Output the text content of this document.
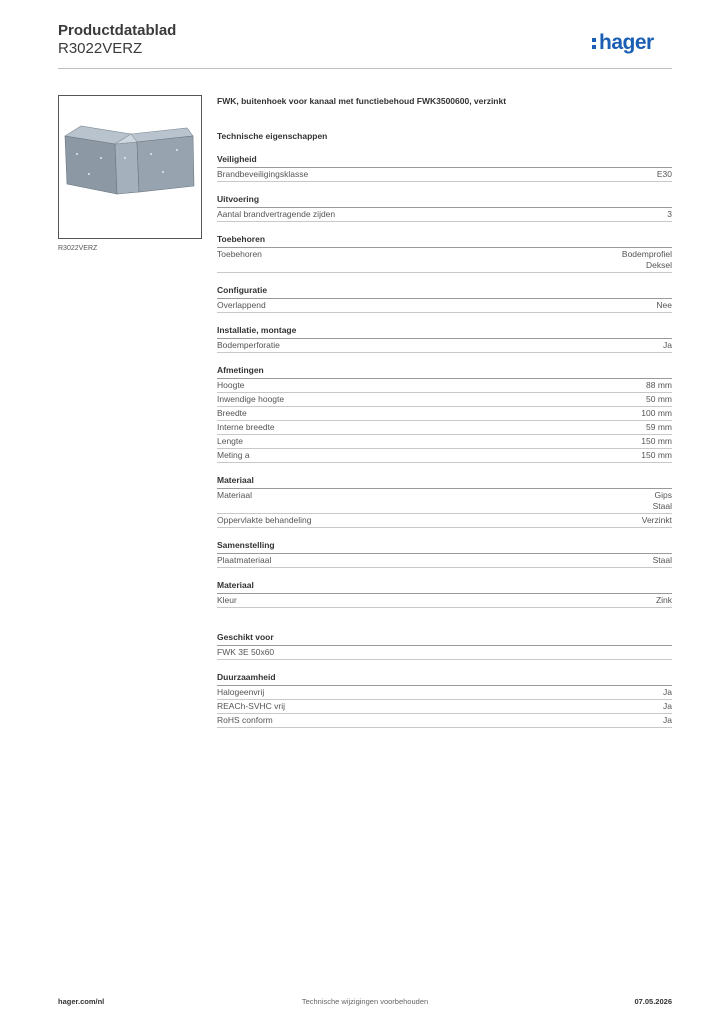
Productdatablad
R3022VERZ	hager
R3022VERZ
FWK, buitenhoek voor kanaal met functiebehoud FWK3500600, verzinkt
Technische eigenschappen
Veiligheid
Brandbeveiligingsklasse	E30
Uitvoering
Aantal brandvertragende zijden	3
Toebehoren
Toebehoren	Bodemprofiel
Deksel
Configuratie
Overlappend	Nee
Installatie, montage
Bodemperforatie	Ja
Afmetingen
Hoogte	88 mm
Inwendige hoogte	50 mm
Breedte	100 mm
Interne breedte	59 mm
Lengte	150 mm
Meting a	150 mm
Materiaal
Materiaal	Gips
Staal
Oppervlakte behandeling	Verzinkt
Samenstelling
Plaatmateriaal	Staal
Materiaal
Kleur	Zink
Geschikt voor
FWK 3E 50x60
Duurzaamheid
Halogeenvrij	Ja
REACh-SVHC vrij	Ja
RoHS conform	Ja
Technische wijzigingen voorbehouden
hager.com/nl	07.05.2026
